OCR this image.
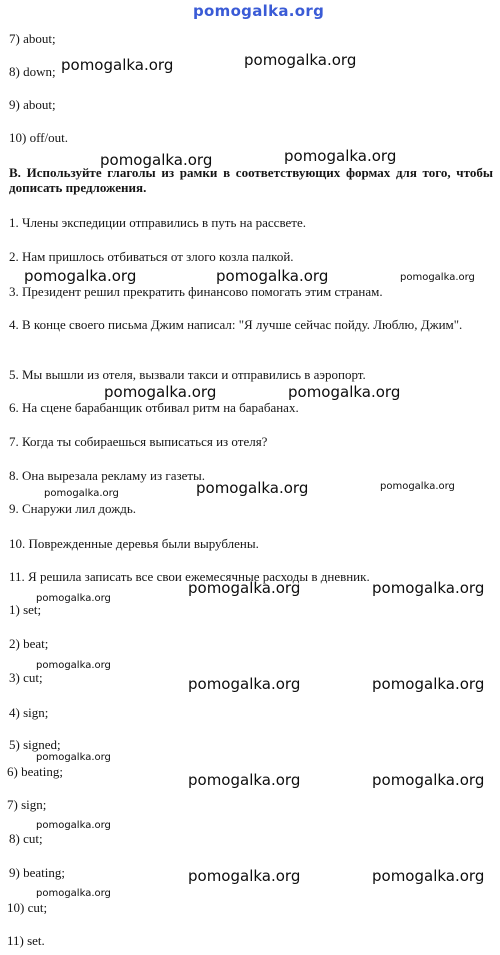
pomogalka.org
7) about;
8) down;
9) about;
10) off/out.
B. Используйте глаголы из рамки в соответствующих формах для того, чтобы дописать предложения.
1. Члены экспедиции отправились в путь на рассвете.
2. Нам пришлось отбиваться от злого козла палкой.
3. Президент решил прекратить финансово помогать этим странам.
4. В конце своего письма Джим написал: "Я лучше сейчас пойду. Люблю, Джим".
5. Мы вышли из отеля, вызвали такси и отправились в аэропорт.
6. На сцене барабанщик отбивал ритм на барабанах.
7. Когда ты собираешься выписаться из отеля?
8. Она вырезала рекламу из газеты.
9. Снаружи лил дождь.
10. Поврежденные деревья были вырублены.
11. Я решила записать все свои ежемесячные расходы в дневник.
1) set;
2) beat;
3) cut;
4) sign;
5) signed;
6) beating;
7) sign;
8) cut;
9) beating;
10) cut;
11) set.
pomogalka.org	pomogalka.org
pomogalka.org	pomogalka.org
pomogalka.org	pomogalka.org	pomogalka.org
pomogalka.org	pomogalka.org
pomogalka.org
pomogalka.org
pomogalka.org
pomogalka.org	pomogalka.org
pomogalka.org
pomogalka.org
pomogalka.org	pomogalka.org
pomogalka.org
pomogalka.org	pomogalka.org
pomogalka.org
pomogalka.org	pomogalka.org
pomogalka.org
